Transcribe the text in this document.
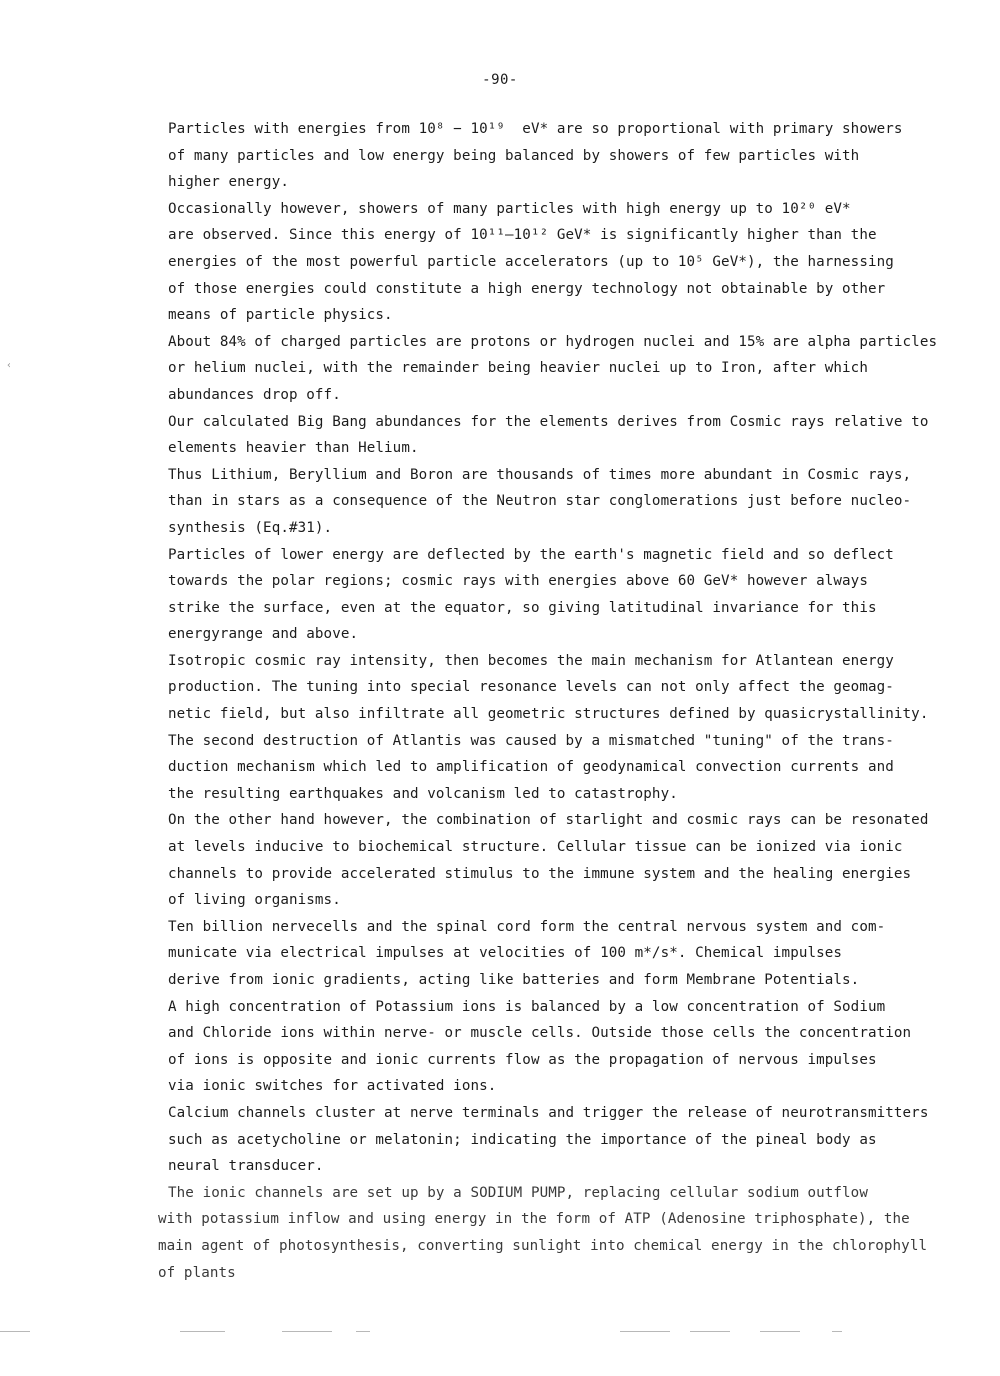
-90-
‹

Particles with energies from 10⁸ − 10¹⁹  eV* are so proportional with primary showers
of many particles and low energy being balanced by showers of few particles with
higher energy.

Occasionally however, showers of many particles with high energy up to 10²⁰ eV*
are observed. Since this energy of 10¹¹–10¹² GeV* is significantly higher than the
energies of the most powerful particle accelerators (up to 10⁵ GeV*), the harnessing
of those energies could constitute a high energy technology not obtainable by other
means of particle physics.

About 84% of charged particles are protons or hydrogen nuclei and 15% are alpha particles
or helium nuclei, with the remainder being heavier nuclei up to Iron, after which
abundances drop off.

Our calculated Big Bang abundances for the elements derives from Cosmic rays relative to
elements heavier than Helium.

Thus Lithium, Beryllium and Boron are thousands of times more abundant in Cosmic rays,
than in stars as a consequence of the Neutron star conglomerations just before nucleo-
synthesis (Eq.#31).

Particles of lower energy are deflected by the earth's magnetic field and so deflect
towards the polar regions; cosmic rays with energies above 60 GeV* however always
strike the surface, even at the equator, so giving latitudinal invariance for this
energyrange and above.

Isotropic cosmic ray intensity, then becomes the main mechanism for Atlantean energy
production. The tuning into special resonance levels can not only affect the geomag-
netic field, but also infiltrate all geometric structures defined by quasicrystallinity.
The second destruction of Atlantis was caused by a mismatched "tuning" of the trans-
duction mechanism which led to amplification of geodynamical convection currents and
the resulting earthquakes and volcanism led to catastrophy.

On the other hand however, the combination of starlight and cosmic rays can be resonated
at levels inducive to biochemical structure. Cellular tissue can be ionized via ionic
channels to provide accelerated stimulus to the immune system and the healing energies
of living organisms.

Ten billion nervecells and the spinal cord form the central nervous system and com-
municate via electrical impulses at velocities of 100 m*/s*. Chemical impulses
derive from ionic gradients, acting like batteries and form Membrane Potentials.

A high concentration of Potassium ions is balanced by a low concentration of Sodium
and Chloride ions within nerve- or muscle cells. Outside those cells the concentration
of ions is opposite and ionic currents flow as the propagation of nervous impulses
via ionic switches for activated ions.

Calcium channels cluster at nerve terminals and trigger the release of neurotransmitters
such as acetycholine or melatonin; indicating the importance of the pineal body as
neural transducer.

The ionic channels are set up by a SODIUM PUMP, replacing cellular sodium outflow
with potassium inflow and using energy in the form of ATP (Adenosine triphosphate), the
main agent of photosynthesis, converting sunlight into chemical energy in the chlorophyll
of plants
